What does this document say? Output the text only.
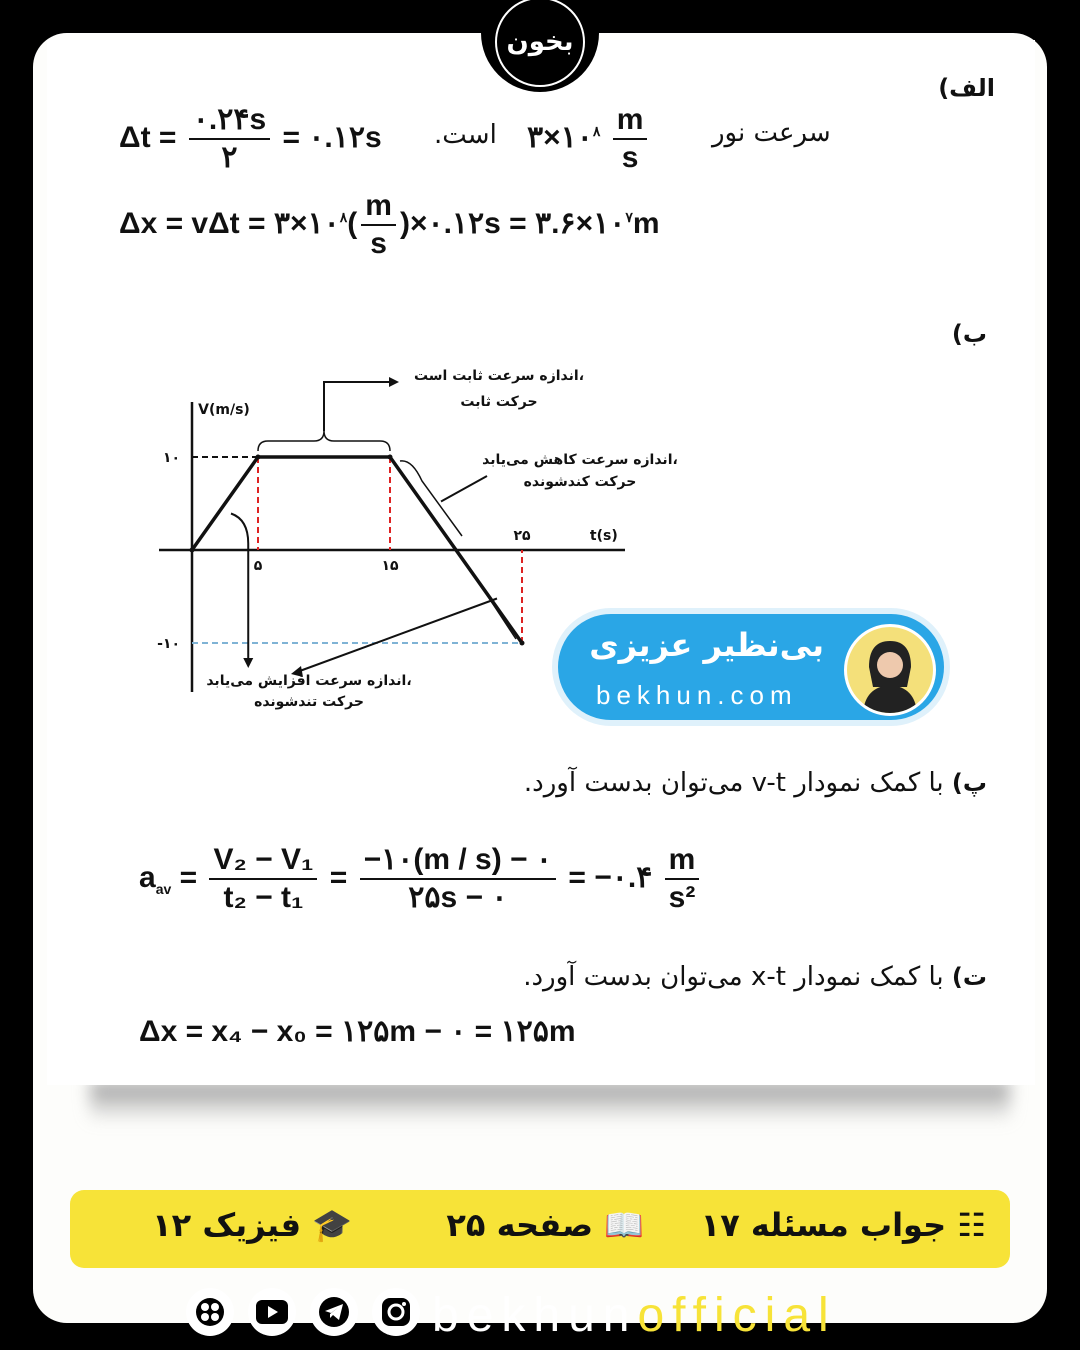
بخون
الف)
سرعت نور
$۳\times ۱۰^۸ \frac{m}{s}$
است.
$\Delta t = \frac{۰.۲۴s}{۲}$ = ۰.۱۲s
$\Delta x = v\Delta t = ۳\times ۱۰^۸( \frac{m}{s}$ )×۰.۱۲s = $۳.۶\times ۱۰^۷m$
ب)
V(m/s)
t(s)
۵	۱۵
۲۵
۱۰
-۱۰
اندازه سرعت ثابت است،
حرکت ثابت
اندازه سرعت کاهش می‌یابد،
حرکت کندشونده
اندازه سرعت افزایش می‌یابد،
حرکت تندشونده
پ) با کمک نمودار v-t می‌توان بدست آورد.
$a_{av} = \frac{\text{V₂ − V₁}}{\text{t₂ − t₁}} = \frac{-۱۰(m / s) - ۰}{۲۵s - ۰}$ = −۰.۴ $\frac{m}{\text{s²}}$
ت) با کمک نمودار x-t می‌توان بدست آورد.
Δx = x₄ − x₀ = ۱۲۵m − ۰ = ۱۲۵m
بی‌نظیر عزیزی
bekhun.com
☷ جواب مسئله ۱۷
📖 صفحه ۲۵
🎓 فیزیک ۱۲
bekhunofficial
